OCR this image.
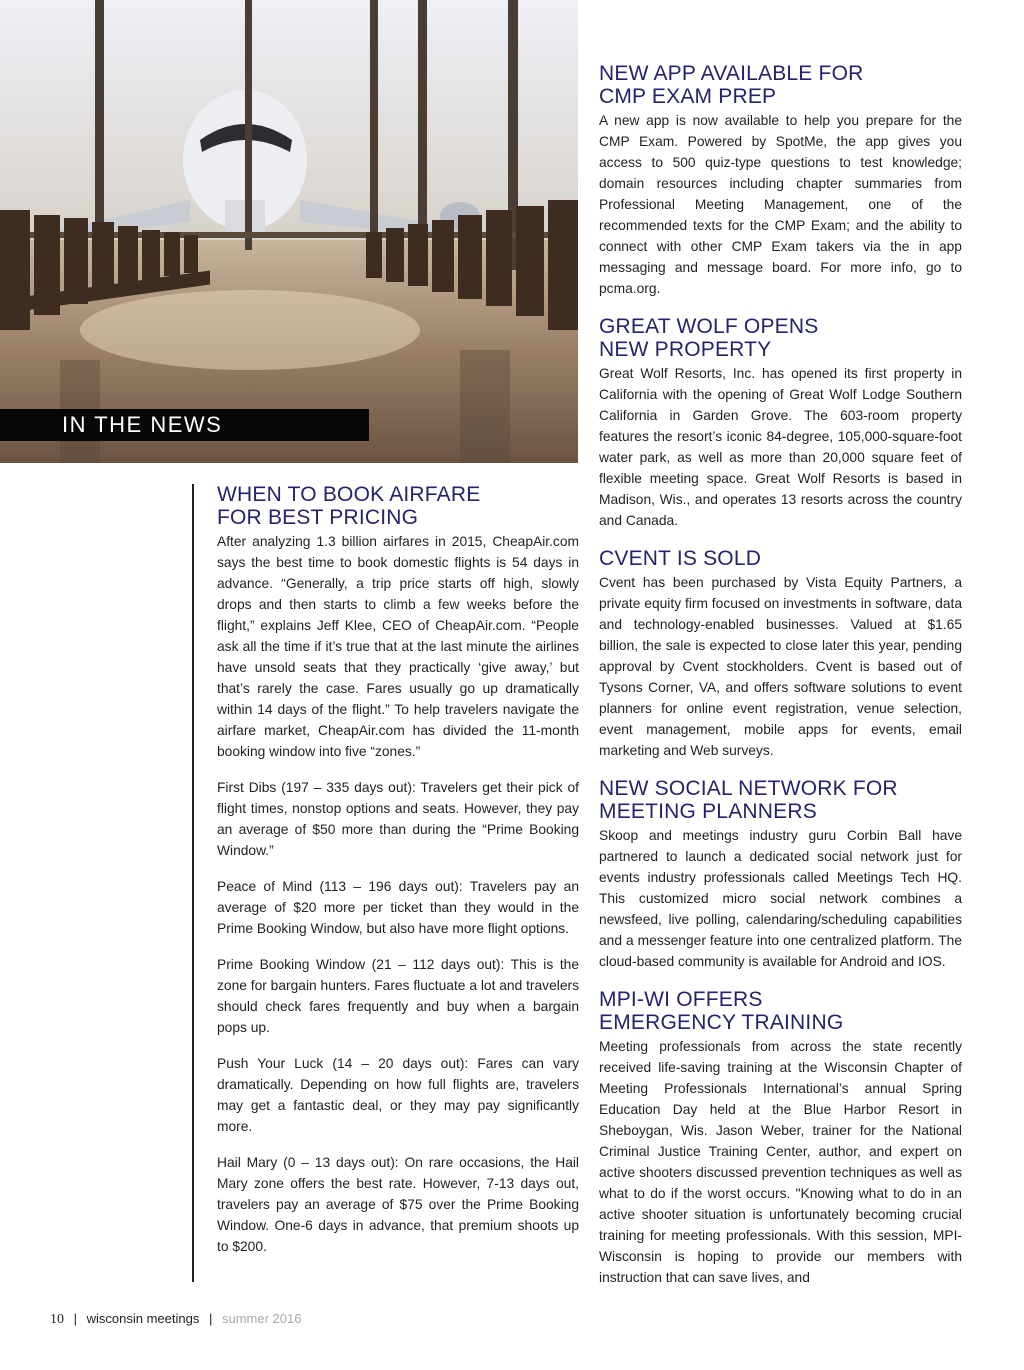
IN THE NEWS
WHEN TO BOOK AIRFARE
FOR BEST PRICING

After analyzing 1.3 billion airfares in 2015, CheapAir.com says the best time to book domestic flights is 54 days in advance. “Generally, a trip price starts off high, slowly drops and then starts to climb a few weeks before the flight,” explains Jeff Klee, CEO of CheapAir.com. “People ask all the time if it’s true that at the last minute the airlines have unsold seats that they practically ‘give away,’ but that’s rarely the case. Fares usually go up dramatically within 14 days of the flight.” To help travelers navigate the airfare market, CheapAir.com has divided the 11-month booking window into five “zones.”

First Dibs (197 – 335 days out): Travelers get their pick of flight times, nonstop options and seats. However, they pay an average of $50 more than during the “Prime Booking Window.”

Peace of Mind (113 – 196 days out): Travelers pay an average of $20 more per ticket than they would in the Prime Booking Window, but also have more flight options.

Prime Booking Window (21 – 112 days out): This is the zone for bargain hunters. Fares fluctuate a lot and travelers should check fares frequently and buy when a bargain pops up.

Push Your Luck (14 – 20 days out): Fares can vary dramatically. Depending on how full flights are, travelers may get a fantastic deal, or they may pay significantly more.

Hail Mary (0 – 13 days out): On rare occasions, the Hail Mary zone offers the best rate. However, 7-13 days out, travelers pay an average of $75 over the Prime Booking Window. One-6 days in advance, that premium shoots up to $200.

NEW APP AVAILABLE FOR
CMP EXAM PREP

A new app is now available to help you prepare for the CMP Exam. Powered by SpotMe, the app gives you access to 500 quiz-type questions to test knowledge; domain resources including chapter summaries from Professional Meeting Management, one of the recommended texts for the CMP Exam; and the ability to connect with other CMP Exam takers via the in app messaging and message board. For more info, go to pcma.org.

GREAT WOLF OPENS
NEW PROPERTY

Great Wolf Resorts, Inc. has opened its first property in California with the opening of Great Wolf Lodge Southern California in Garden Grove. The 603-room property features the resort’s iconic 84-degree, 105,000-square-foot water park, as well as more than 20,000 square feet of flexible meeting space. Great Wolf Resorts is based in Madison, Wis., and operates 13 resorts across the country and Canada.

CVENT IS SOLD

Cvent has been purchased by Vista Equity Partners, a private equity firm focused on investments in software, data and technology-enabled businesses. Valued at $1.65 billion, the sale is expected to close later this year, pending approval by Cvent stockholders. Cvent is based out of Tysons Corner, VA, and offers software solutions to event planners for online event registration, venue selection, event management, mobile apps for events, email marketing and Web surveys.

NEW SOCIAL NETWORK FOR
MEETING PLANNERS

Skoop and meetings industry guru Corbin Ball have partnered to launch a dedicated social network just for events industry professionals called Meetings Tech HQ. This customized micro social network combines a newsfeed, live polling, calendaring/scheduling capabilities and a messenger feature into one centralized platform. The cloud-based community is available for Android and IOS.

MPI-WI OFFERS
EMERGENCY TRAINING

Meeting professionals from across the state recently received life-saving training at the Wisconsin Chapter of Meeting Professionals International’s annual Spring Education Day held at the Blue Harbor Resort in Sheboygan, Wis. Jason Weber, trainer for the National Criminal Justice Training Center, author, and expert on active shooters discussed prevention techniques as well as what to do if the worst occurs. "Knowing what to do in an active shooter situation is unfortunately becoming crucial training for meeting professionals. With this session, MPI-Wisconsin is hoping to provide our members with instruction that can save lives, and

10 | wisconsin meetings | summer 2016
